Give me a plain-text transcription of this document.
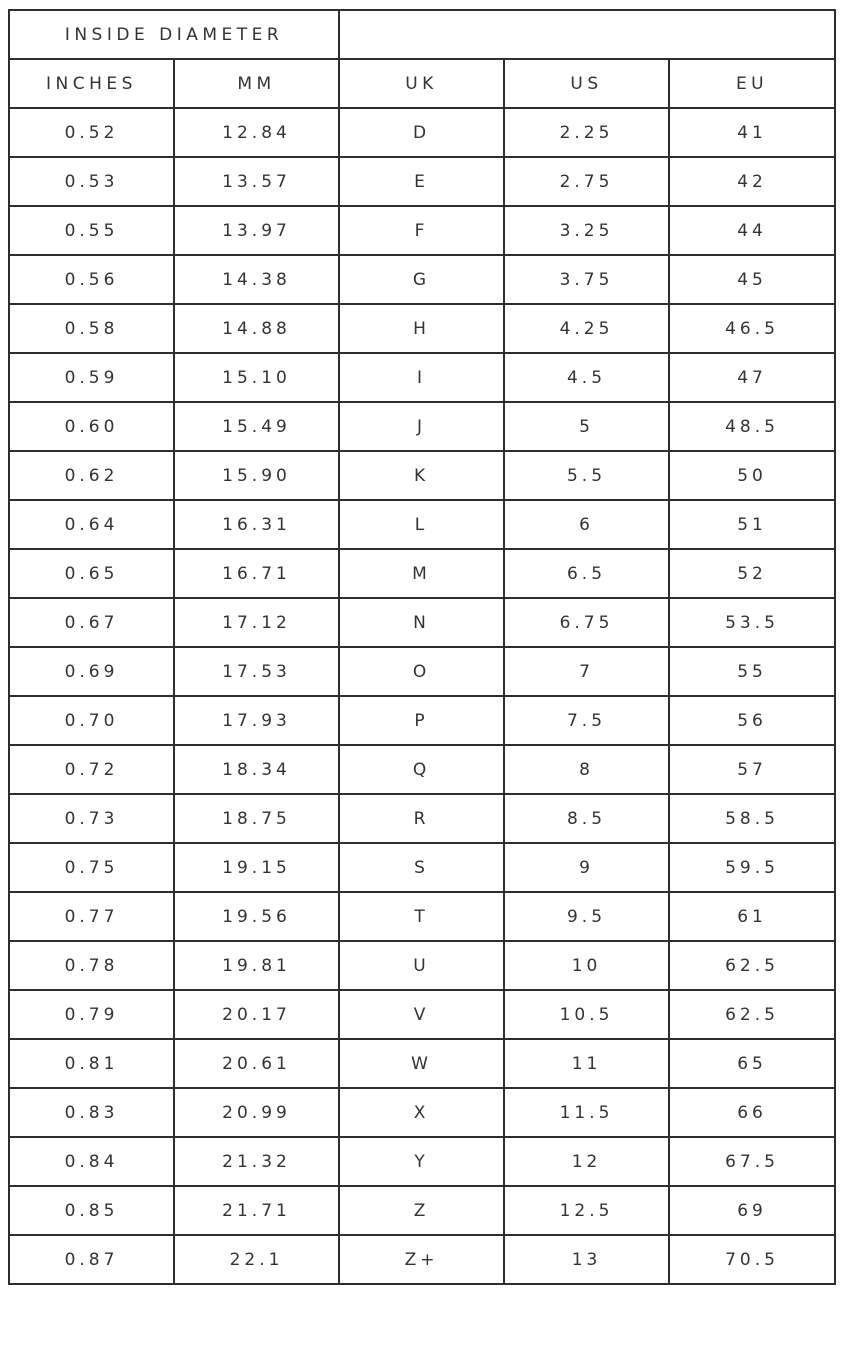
INSIDE DIAMETER				
INCHES	MM	UK	US	EU
0.52	12.84	D	2.25	41
0.53	13.57	E	2.75	42
0.55	13.97	F	3.25	44
0.56	14.38	G	3.75	45
0.58	14.88	H	4.25	46.5
0.59	15.10	I	4.5	47
0.60	15.49	J	5	48.5
0.62	15.90	K	5.5	50
0.64	16.31	L	6	51
0.65	16.71	M	6.5	52
0.67	17.12	N	6.75	53.5
0.69	17.53	O	7	55
0.70	17.93	P	7.5	56
0.72	18.34	Q	8	57
0.73	18.75	R	8.5	58.5
0.75	19.15	S	9	59.5
0.77	19.56	T	9.5	61
0.78	19.81	U	10	62.5
0.79	20.17	V	10.5	62.5
0.81	20.61	W	11	65
0.83	20.99	X	11.5	66
0.84	21.32	Y	12	67.5
0.85	21.71	Z	12.5	69
0.87	22.1	Z+	13	70.5
